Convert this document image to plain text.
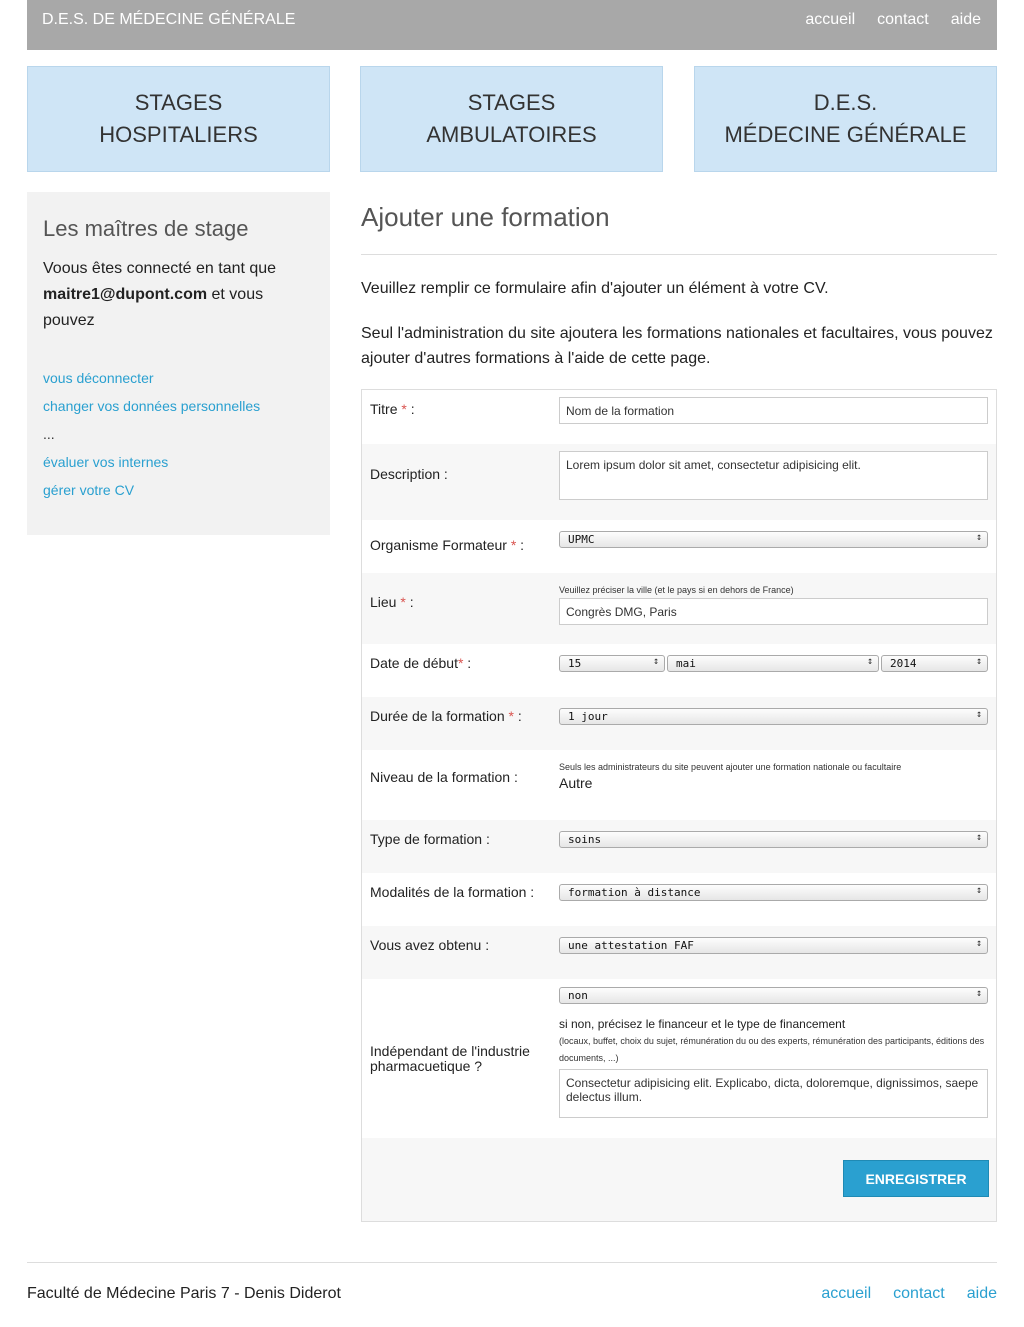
D.E.S. DE MÉDECINE GÉNÉRALE	accueil contact aide
STAGES
HOSPITALIERS
STAGES
AMBULATOIRES
D.E.S.
MÉDECINE GÉNÉRALE
Les maîtres de stage

Voous êtes connecté en tant que maitre1@dupont.com et vous pouvez

vous déconnecter
changer vos données personnelles
...
évaluer vos internes
gérer votre CV
Ajouter une formation

Veuillez remplir ce formulaire afin d'ajouter un élément à votre CV.

Seul l'administration du site ajoutera les formations nationales et facultaires, vous pouvez ajouter d'autres formations à l'aide de cette page.

Titre * :	Nom de la formation
Description :
Lorem ipsum dolor sit amet, consectetur adipisicing elit.
Organisme Formateur * :	UPMC ↕
Lieu * :
Veuillez préciser la ville (et le pays si en dehors de France)
Congrès DMG, Paris
Date de début* :	15 ↕	mai ↕	2014 ↕
Durée de la formation * :	1 jour ↕
Niveau de la formation :
Seuls les administrateurs du site peuvent ajouter une formation nationale ou facultaire
Autre
Type de formation :	soins ↕
Modalités de la formation :	formation à distance ↕
Vous avez obtenu :	une attestation FAF ↕
Indépendant de l'industrie pharmacuetique ?
non ↕
si non, précisez le financeur et le type de financement
(locaux, buffet, choix du sujet, rémunération du ou des experts, rémunération des participants, éditions des documents, ...)
Consectetur adipisicing elit. Explicabo, dicta, doloremque, dignissimos, saepe delectus illum.
ENREGISTRER
Faculté de Médecine Paris 7 - Denis Diderot	accueil contact aide
